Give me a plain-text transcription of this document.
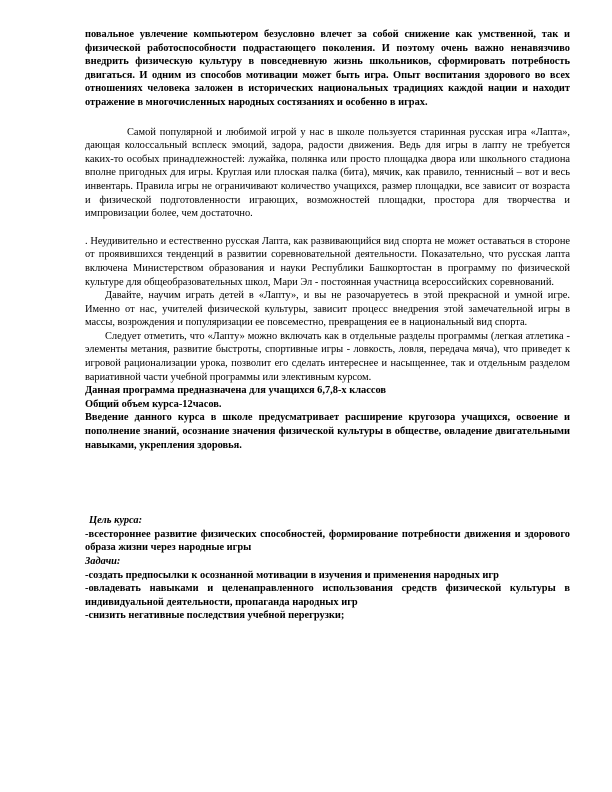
повальное увлечение компьютером безусловно влечет за собой снижение как умственной, так и физической работоспособности подрастающего поколения. И поэтому очень важно ненавязчиво внедрить физическую культуру в повседневную жизнь школьников, сформировать потребность двигаться. И одним из способов мотивации может быть игра. Опыт воспитания здорового во всех отношениях человека заложен в исторических национальных традициях каждой нации и находит отражение в многочисленных народных состязаниях и особенно в играх.

Самой популярной и любимой игрой у нас в школе пользуется старинная русская игра «Лапта», дающая колоссальный всплеск эмоций, задора, радости движения. Ведь для игры в лапту не требуется каких-то особых принадлежностей: лужайка, полянка или просто площадка двора или школьного стадиона вполне пригодных для игры. Круглая или плоская палка (бита), мячик, как правило, теннисный – вот и весь инвентарь. Правила игры не ограничивают количество учащихся, размер площадки, все зависит от возраста и физической подготовленности играющих, возможностей площадки, простора для творчества и импровизации более, чем достаточно.

. Неудивительно и естественно русская Лапта, как развивающийся вид спорта не может оставаться в стороне от проявившихся тенденций в развитии соревновательной деятельности. Показательно, что русская лапта включена Министерством образования и науки Республики Башкортостан в программу по физической культуре для общеобразовательных школ, Мари Эл - постоянная участница всероссийских соревнований.

Давайте, научим играть детей в «Лапту», и вы не разочаруетесь в этой прекрасной и умной игре. Именно от нас, учителей физической культуры, зависит процесс внедрения этой замечательной игры в массы, возрождения и популяризации ее повсеместно, превращения ее в национальный вид спорта.

Следует отметить, что «Лапту» можно включать как в отдельные разделы программы (легкая атлетика - элементы метания, развитие быстроты, спортивные игры - ловкость, ловля, передача мяча), что приведет к игровой рационализации урока, позволит его сделать интереснее и насыщеннее, так и отдельным разделом вариативной части учебной программы или элективным курсом.

Данная программа предназначена для учащихся 6,7,8-х классов

Общий объем курса-12часов.

Введение данного курса в школе предусматривает расширение кругозора учащихся, освоение и пополнение знаний, осознание значения физической культуры в обществе, овладение двигательными навыками, укрепления здоровья.

Цель курса:

-всестороннее развитие физических способностей, формирование потребности движения и здорового образа жизни через народные игры

Задачи:

-создать предпосылки к осознанной мотивации в изучения и применения народных игр

-овладевать навыками и целенаправленного использования средств физической культуры в индивидуальной деятельности, пропаганда народных игр

-снизить негативные последствия учебной перегрузки;
